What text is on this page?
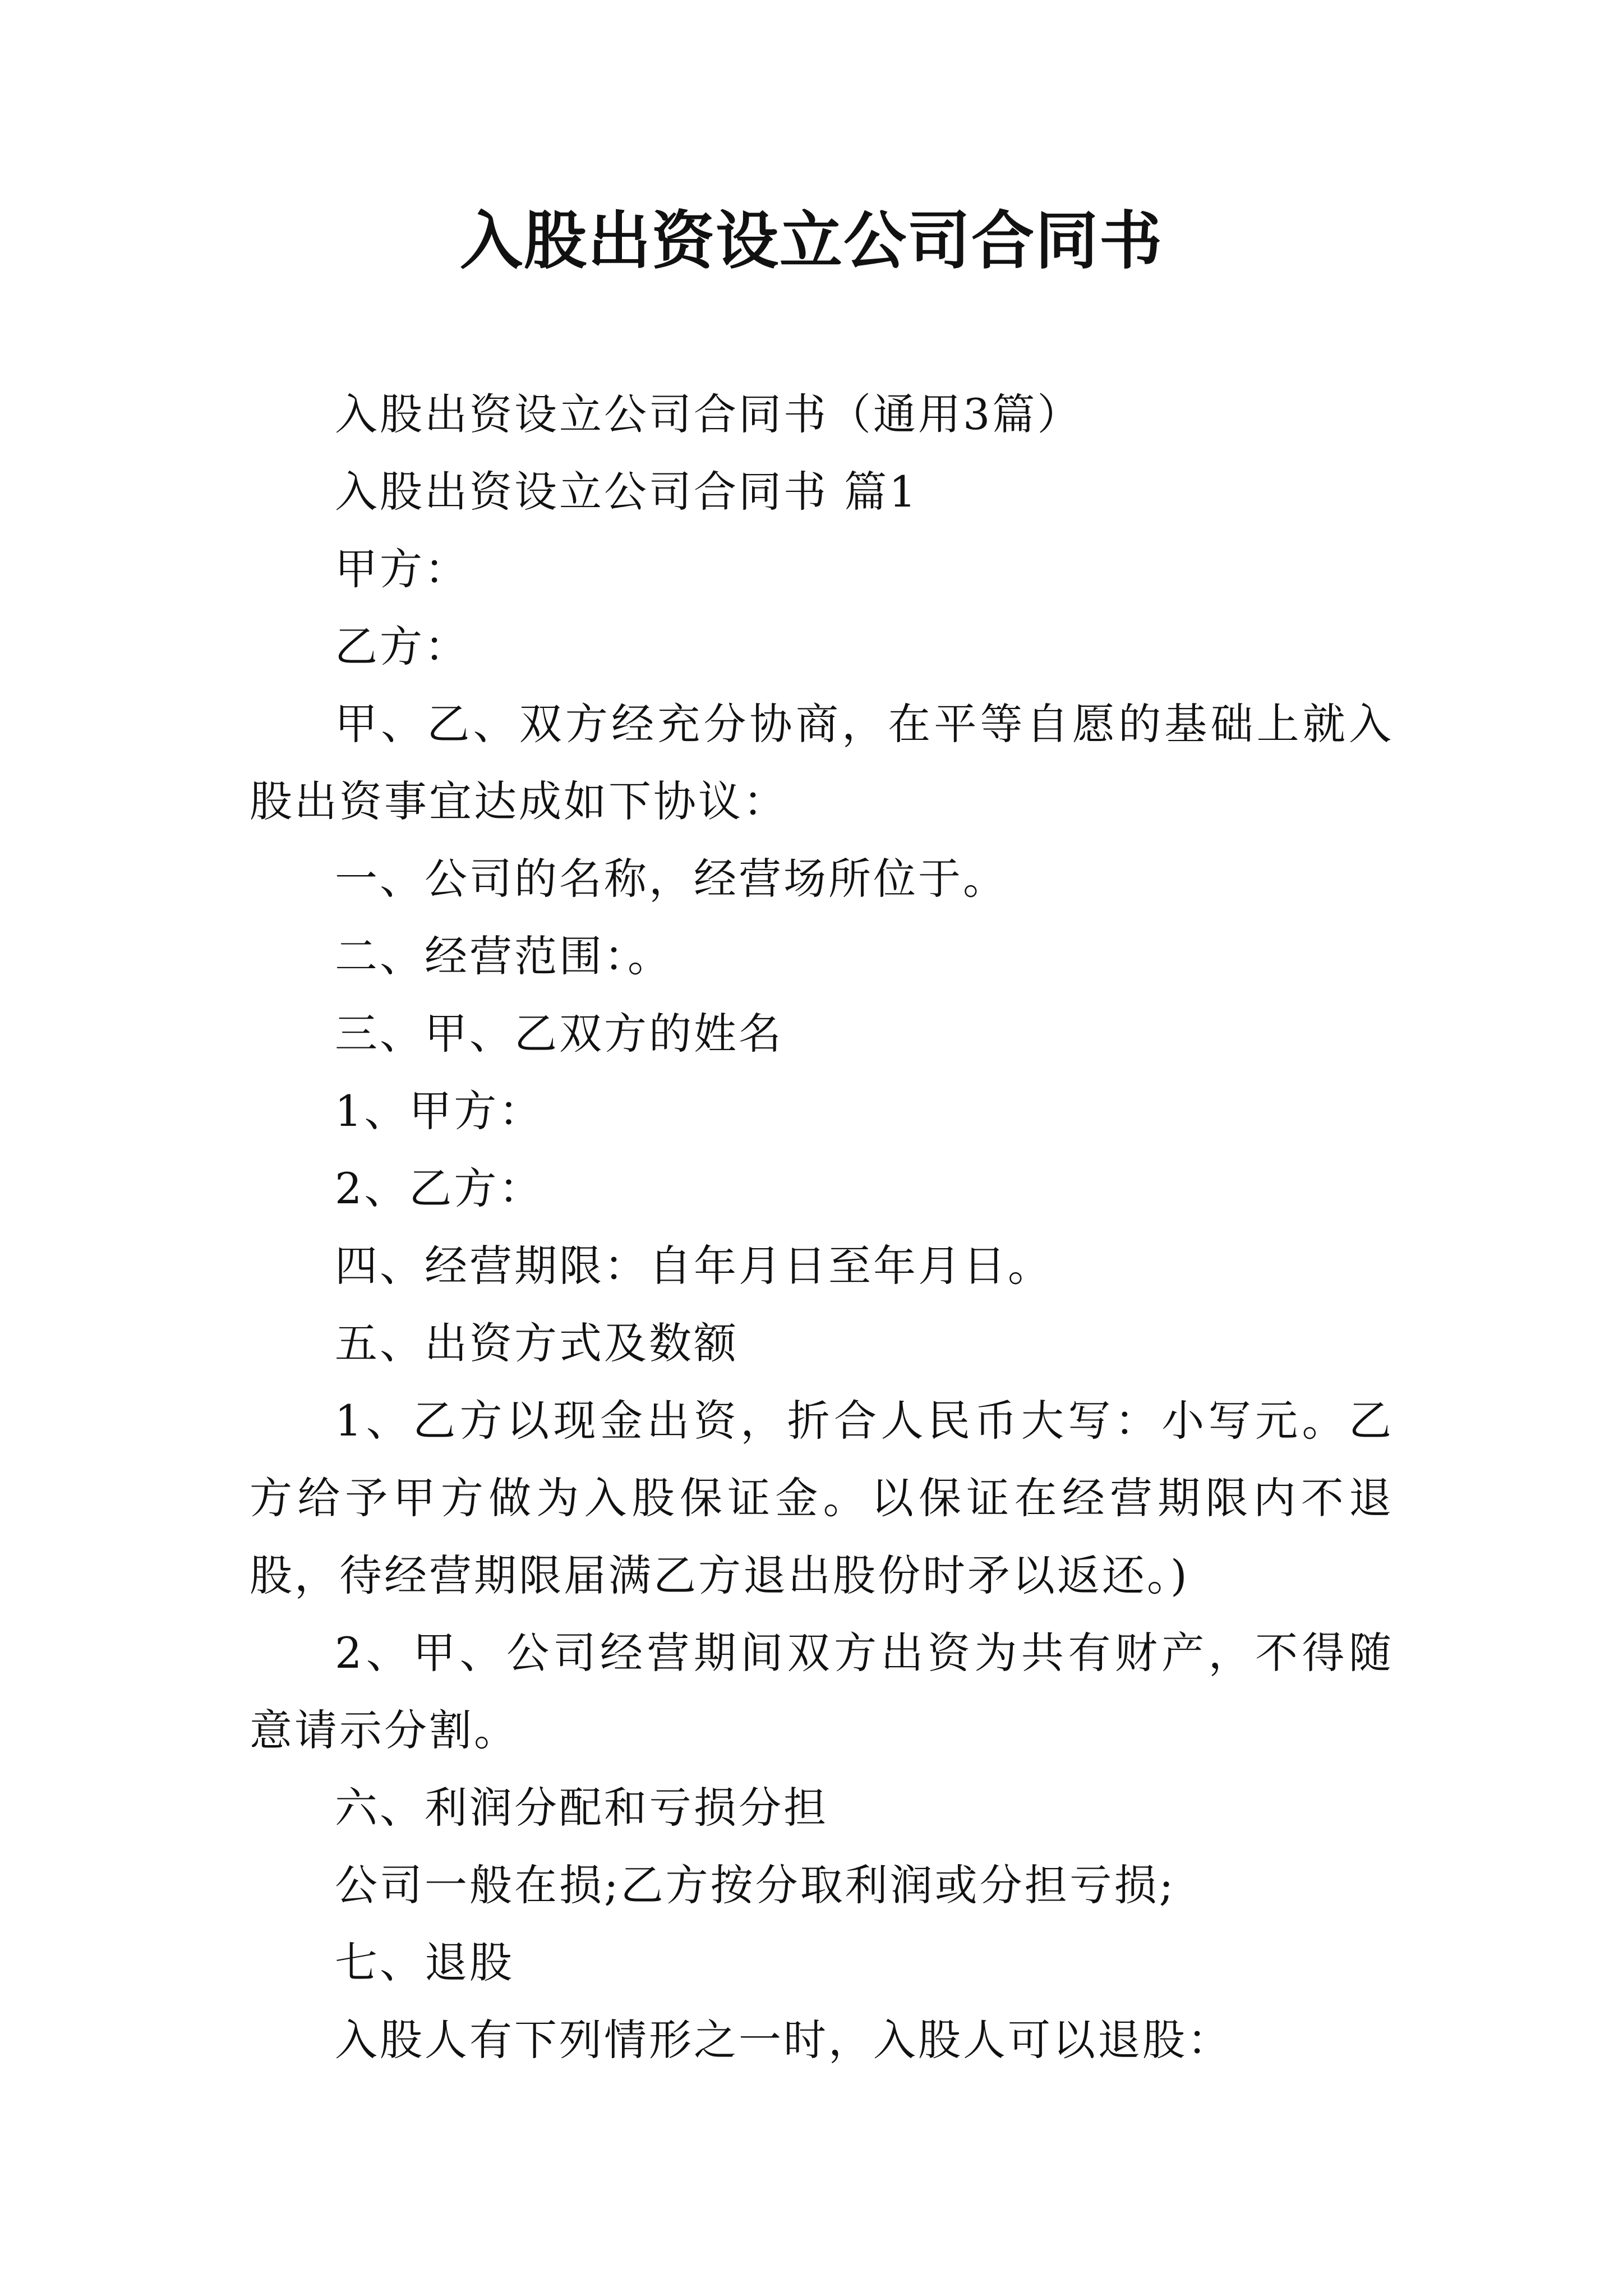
入股出资设立公司合同书

入股出资设立公司合同书（通用3篇）

入股出资设立公司合同书 篇1

甲方：

乙方：

甲、乙、双方经充分协商，在平等自愿的基础上就入股出资事宜达成如下协议：

一、公司的名称，经营场所位于。

二、经营范围：。

三、甲、乙双方的姓名

1、甲方：

2、乙方：

四、经营期限：自年月日至年月日。

五、出资方式及数额

1、乙方以现金出资，折合人民币大写：小写元。乙方给予甲方做为入股保证金。以保证在经营期限内不退股，待经营期限届满乙方退出股份时矛以返还。)

2、甲、公司经营期间双方出资为共有财产，不得随意请示分割。

六、利润分配和亏损分担

公司一般在损;乙方按分取利润或分担亏损;

七、退股

入股人有下列情形之一时，入股人可以退股：
